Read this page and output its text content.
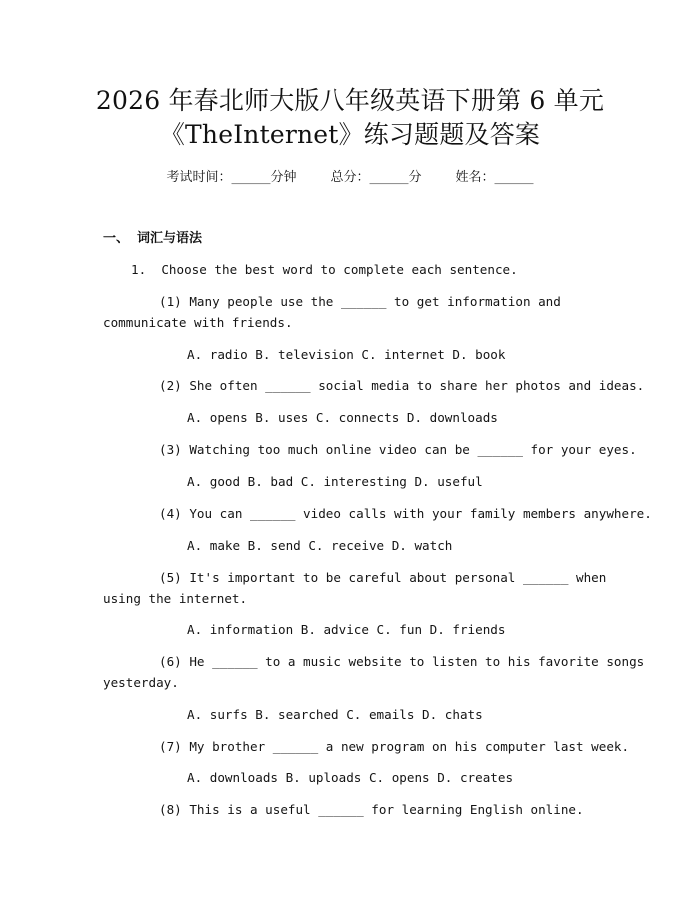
2026 年春北师大版八年级英语下册第 6 单元
《TheInternet》练习题题及答案
考试时间：______分钟	总分：______分	姓名：______
一、 词汇与语法
1.  Choose the best word to complete each sentence.
(1) Many people use the ______ to get information and
communicate with friends.
A. radio B. television C. internet D. book
(2) She often ______ social media to share her photos and ideas.
A. opens B. uses C. connects D. downloads
(3) Watching too much online video can be ______ for your eyes.
A. good B. bad C. interesting D. useful
(4) You can ______ video calls with your family members anywhere.
A. make B. send C. receive D. watch
(5) It's important to be careful about personal ______ when
using the internet.
A. information B. advice C. fun D. friends
(6) He ______ to a music website to listen to his favorite songs
yesterday.
A. surfs B. searched C. emails D. chats
(7) My brother ______ a new program on his computer last week.
A. downloads B. uploads C. opens D. creates
(8) This is a useful ______ for learning English online.
